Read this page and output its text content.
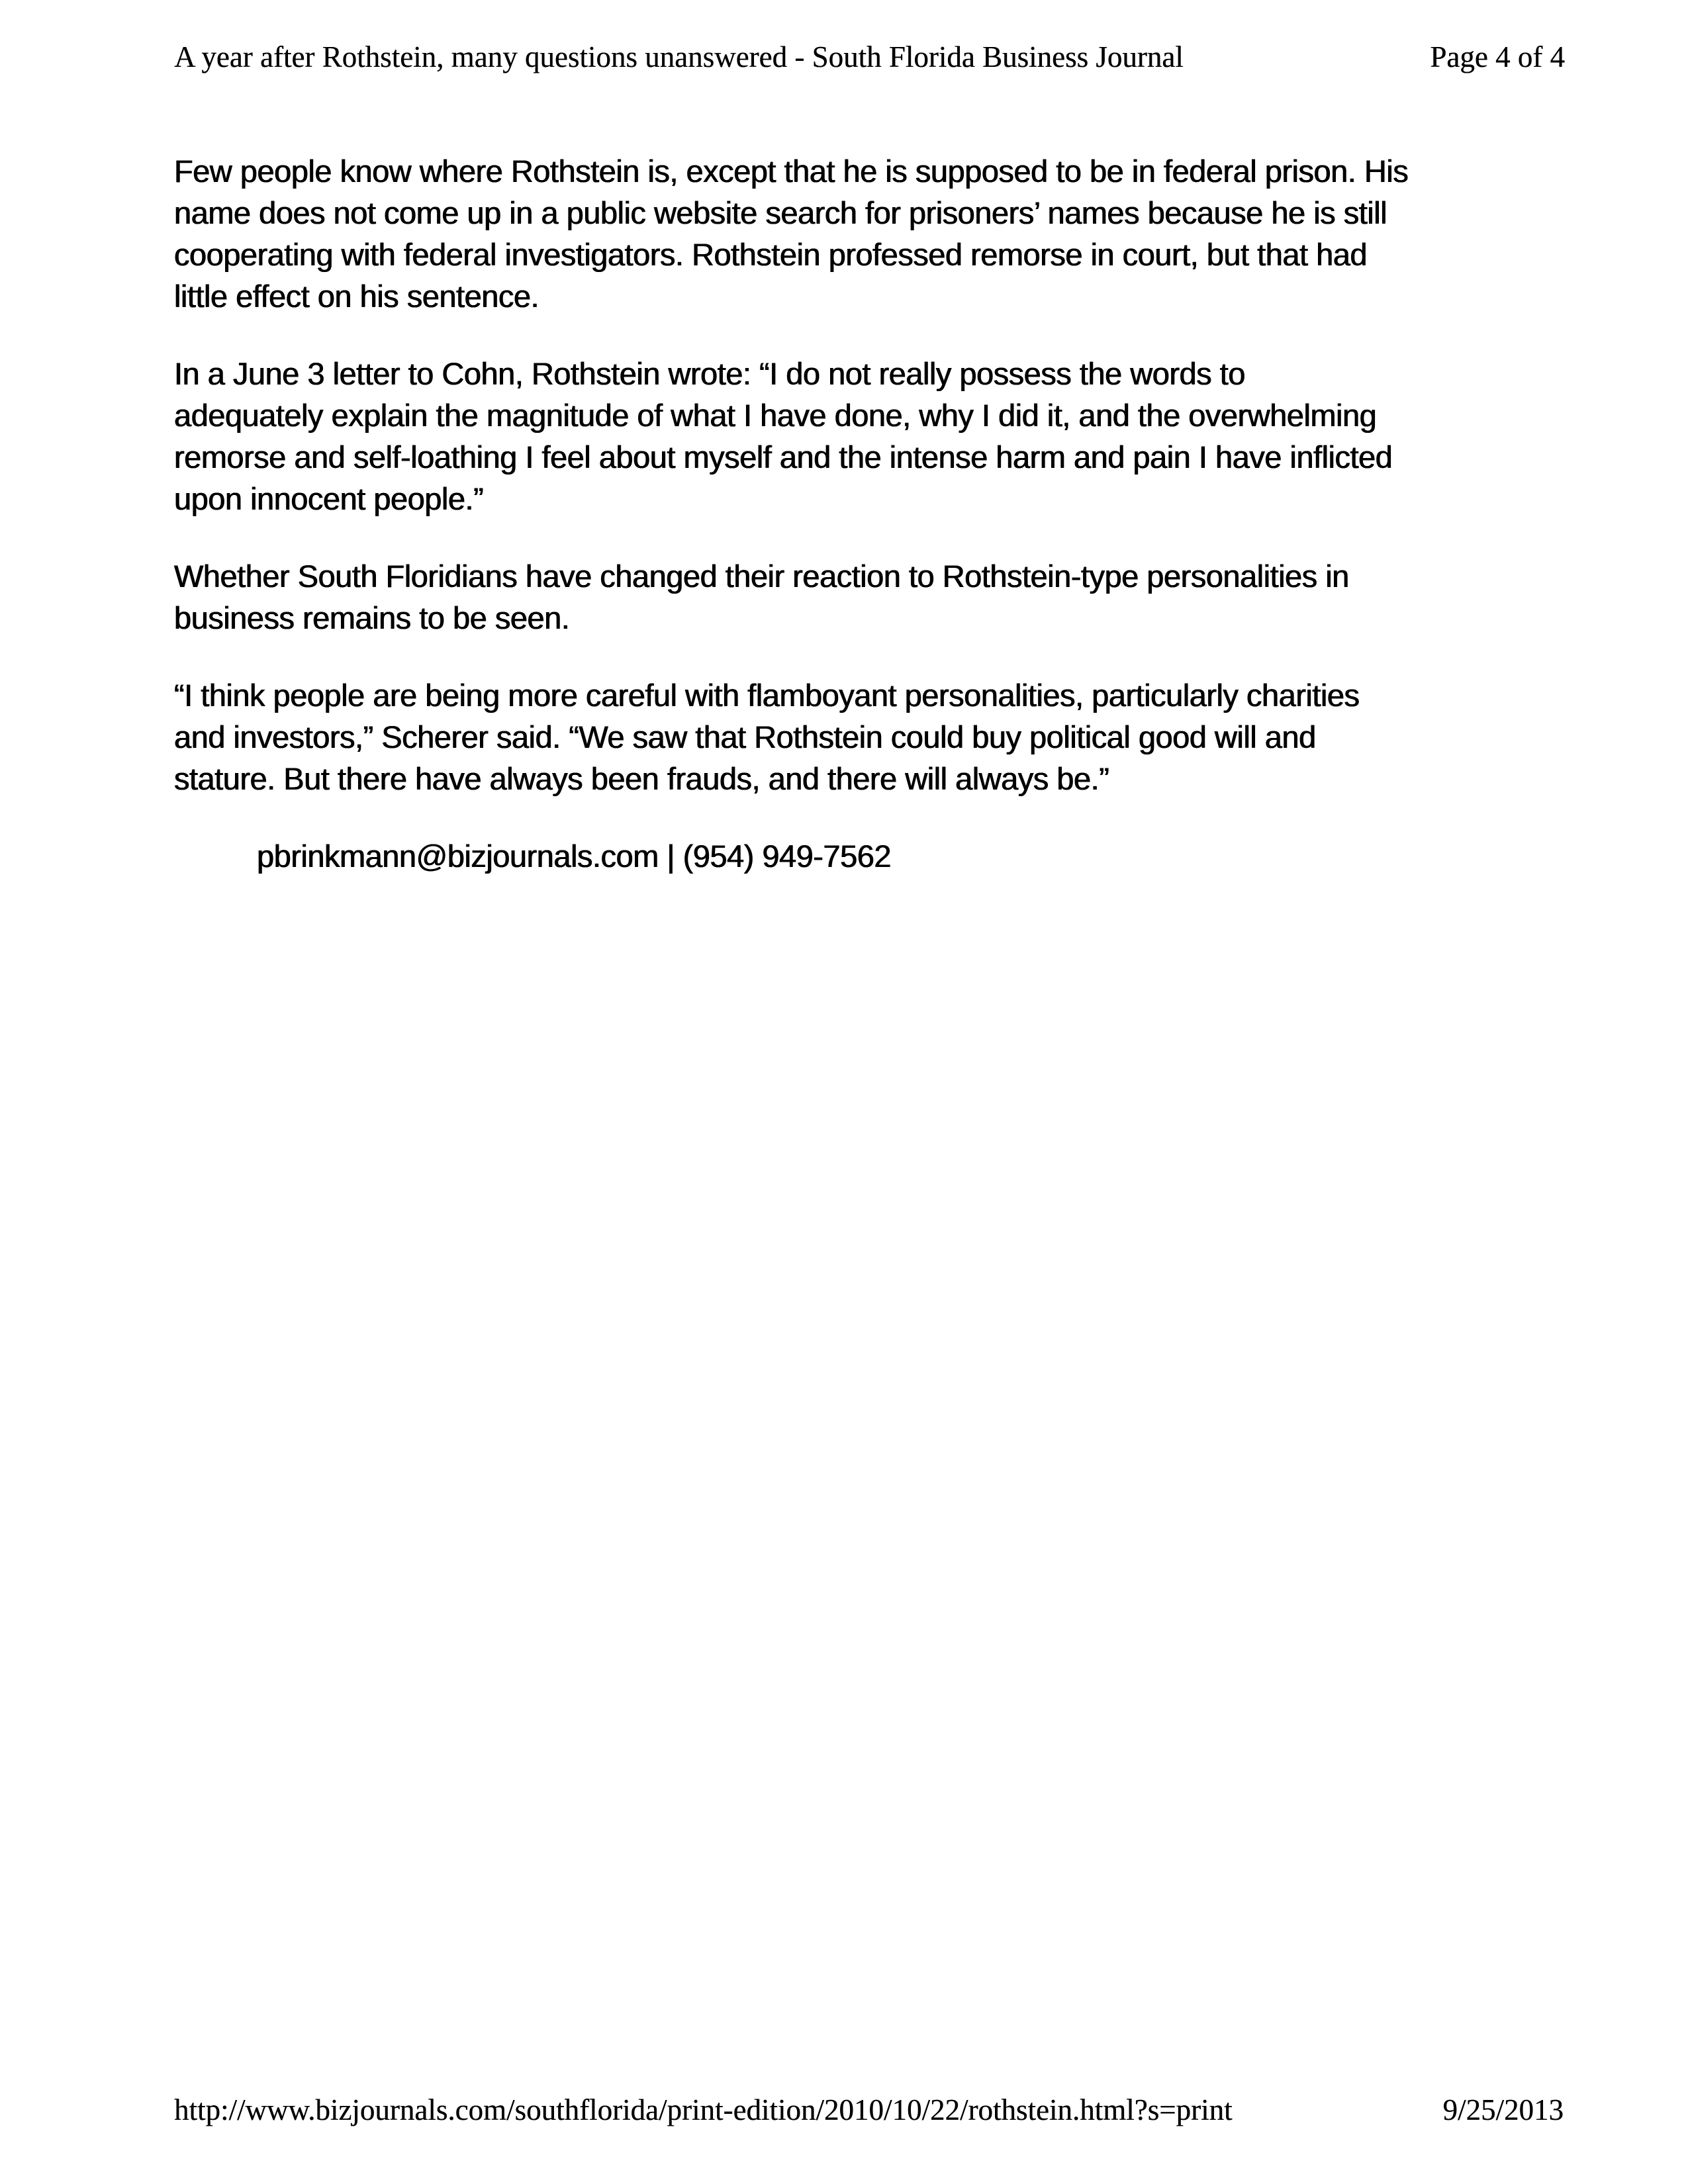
A year after Rothstein, many questions unanswered - South Florida Business Journal	Page 4 of 4
Few people know where Rothstein is, except that he is supposed to be in federal prison. His
name does not come up in a public website search for prisoners’ names because he is still
cooperating with federal investigators. Rothstein professed remorse in court, but that had
little effect on his sentence.
In a June 3 letter to Cohn, Rothstein wrote: “I do not really possess the words to
adequately explain the magnitude of what I have done, why I did it, and the overwhelming
remorse and self-loathing I feel about myself and the intense harm and pain I have inflicted
upon innocent people.”
Whether South Floridians have changed their reaction to Rothstein-type personalities in
business remains to be seen.
“I think people are being more careful with flamboyant personalities, particularly charities
and investors,” Scherer said. “We saw that Rothstein could buy political good will and
stature. But there have always been frauds, and there will always be.”
pbrinkmann@bizjournals.com | (954) 949-7562
http://www.bizjournals.com/southflorida/print-edition/2010/10/22/rothstein.html?s=print	9/25/2013
